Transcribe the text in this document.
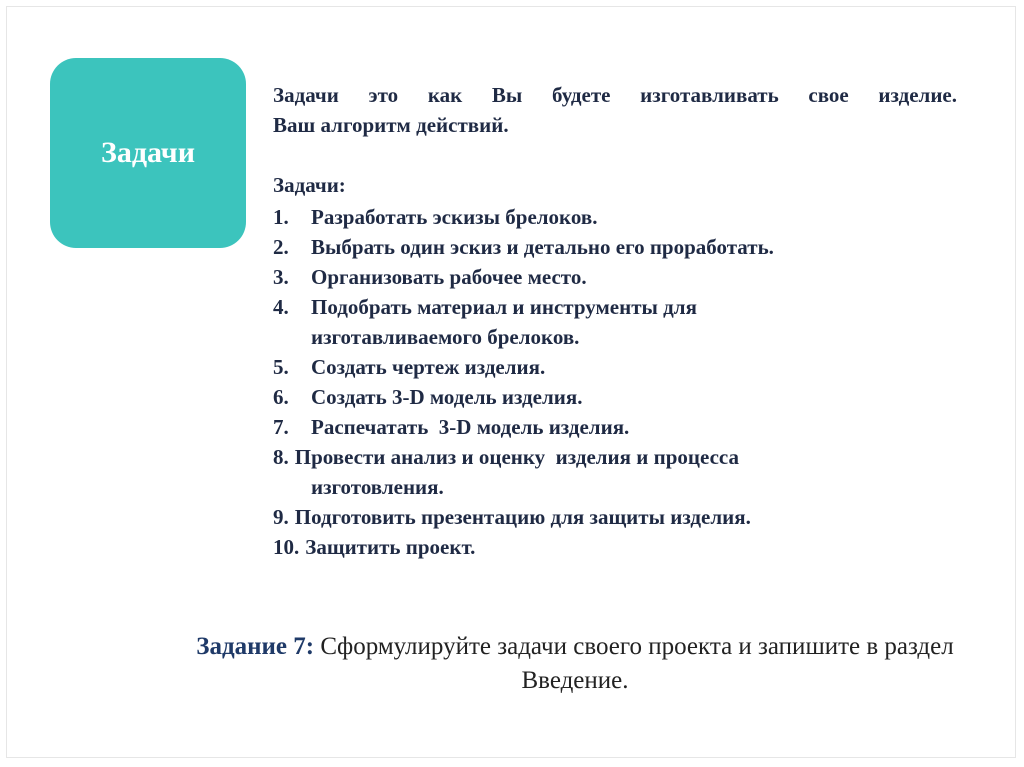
Задачи
Задачи это как Вы будете изготавливать свое изделие.
Ваш алгоритм действий.
Задачи:
1.	Разработать эскизы брелоков.
2.	Выбрать один эскиз и детально его проработать.
3.	Организовать рабочее место.
4.	Подобрать материал и инструменты для
изготавливаемого брелоков.
5.	Создать чертеж изделия.
6.	Создать 3-D модель изделия.
7.	Распечатать  3-D модель изделия.
8. Провести анализ и оценку  изделия и процесса
изготовления.
9. Подготовить презентацию для защиты изделия.
10. Защитить проект.
Задание 7: Сформулируйте задачи своего проекта и запишите в раздел Введение.
